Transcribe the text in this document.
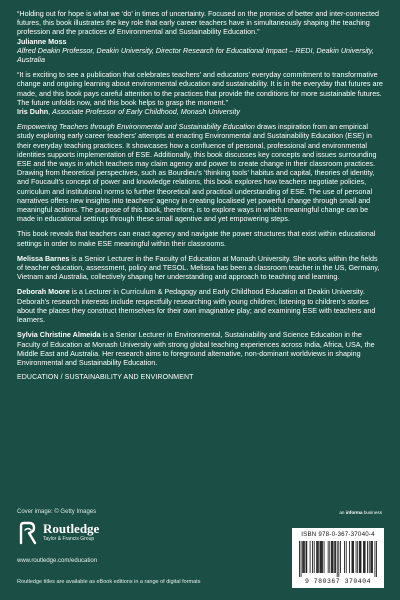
“Holding out for hope is what we ‘do’ in times of uncertainty. Focused on the promise of better and inter-connected futures, this book illustrates the key role that early career teachers have in simultaneously shaping the teaching profession and the practices of Environmental and Sustainability Education.”

Julianne Moss

Alfred Deakin Professor, Deakin University, Director Research for Educational Impact – REDI, Deakin University, Australia

“It is exciting to see a publication that celebrates teachers’ and educators’ everyday commitment to transformative change and ongoing learning about environmental education and sustainability. It is in the everyday that futures are made, and this book pays careful attention to the practices that provide the conditions for more sustainable futures. The future unfolds now, and this book helps to grasp the moment.”

Iris Duhn, Associate Professor of Early Childhood, Monash University

Empowering Teachers through Environmental and Sustainability Education draws inspiration from an empirical study exploring early career teachers’ attempts at enacting Environmental and Sustainability Education (ESE) in their everyday teaching practices. It showcases how a confluence of personal, professional and environmental identities supports implementation of ESE. Additionally, this book discusses key concepts and issues surrounding ESE and the ways in which teachers may claim agency and power to create change in their classroom practices. Drawing from theoretical perspectives, such as Bourdieu’s ‘thinking tools’ habitus and capital, theories of identity, and Foucault’s concept of power and knowledge relations, this book explores how teachers negotiate policies, curriculum and institutional norms to further theoretical and practical understanding of ESE. The use of personal narratives offers new insights into teachers’ agency in creating localised yet powerful change through small and meaningful actions. The purpose of this book, therefore, is to explore ways in which meaningful change can be made in educational settings through these small agentive and yet empowering steps.

This book reveals that teachers can enact agency and navigate the power structures that exist within educational settings in order to make ESE meaningful within their classrooms.

Melissa Barnes is a Senior Lecturer in the Faculty of Education at Monash University. She works within the fields of teacher education, assessment, policy and TESOL. Melissa has been a classroom teacher in the US, Germany, Vietnam and Australia, collectively shaping her understanding and approach to teaching and learning.

Deborah Moore is a Lecturer in Curriculum & Pedagogy and Early Childhood Education at Deakin University. Deborah’s research interests include respectfully researching with young children; listening to children’s stories about the places they construct themselves for their own imaginative play; and examining ESE with teachers and learners.

Sylvia Christine Almeida is a Senior Lecturer in Environmental, Sustainability and Science Education in the Faculty of Education at Monash University with strong global teaching experiences across India, Africa, USA, the Middle East and Australia. Her research aims to foreground alternative, non-dominant worldviews in shaping Environmental and Sustainability Education.

EDUCATION / SUSTAINABILITY AND ENVIRONMENT

Cover image: © Getty Images	an informa business
Routledge
Taylor & Francis Group
www.routledge.com/education
Routledge titles are available as eBook editions in a range of digital formats
ISBN 978-0-367-37040-4
9 780367 370404
